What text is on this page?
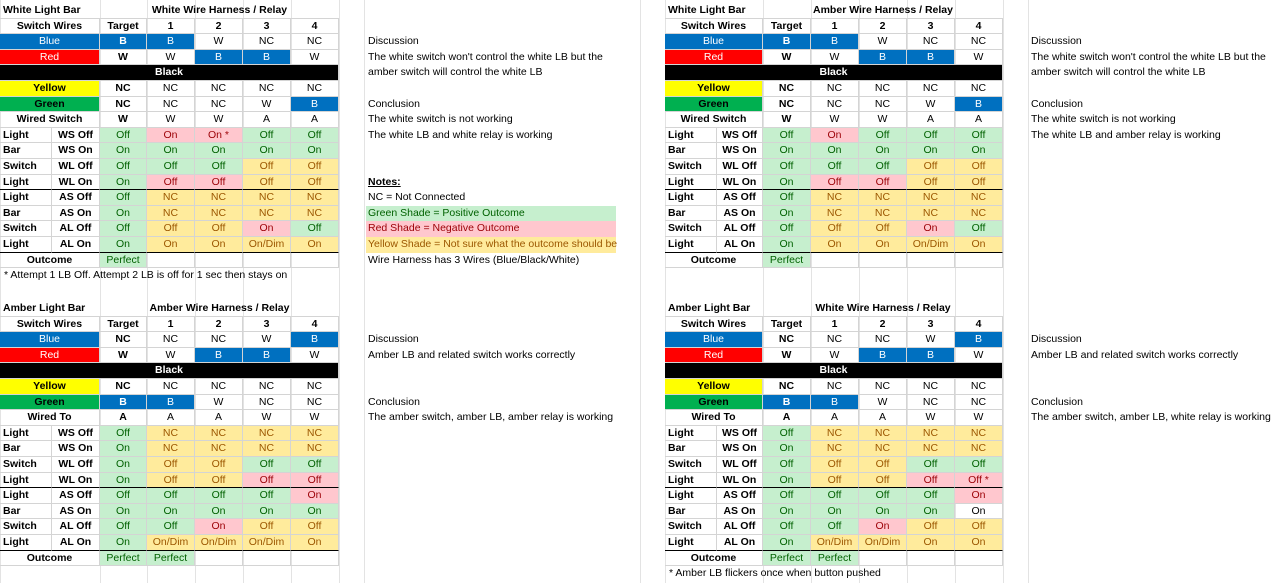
White Light Bar	White Wire Harness / Relay
Switch Wires	Target	1	2	3	4
Blue	B	B	W	NC	NC
Red	W	W	B	B	W
Black
Yellow	NC	NC	NC	NC	NC
Green	NC	NC	NC	W	B
Wired Switch	W	W	W	A	A
Light	WS Off	Off	On	On *	Off	Off
Bar	WS On	On	On	On	On	On
Switch	WL Off	Off	Off	Off	Off	Off
Light	WL On	On	Off	Off	Off	Off
Light	AS Off	Off	NC	NC	NC	NC
Bar	AS On	On	NC	NC	NC	NC
Switch	AL Off	Off	Off	Off	On	Off
Light	AL On	On	On	On	On/Dim	On
Outcome	Perfect
* Attempt 1 LB Off. Attempt 2 LB is off for 1 sec then stays on
Discussion
The white switch won't control the white LB but the
amber switch will control the white LB
Conclusion
The white switch is not working
The white LB and white relay is working
Notes:
NC = Not Connected
Green Shade = Positive Outcome
Red Shade = Negative Outcome
Yellow Shade = Not sure what the outcome should be
Wire Harness has 3 Wires (Blue/Black/White)
White Light Bar	Amber Wire Harness / Relay
Switch Wires	Target	1	2	3	4
Blue	B	B	W	NC	NC
Red	W	W	B	B	W
Black
Yellow	NC	NC	NC	NC	NC
Green	NC	NC	NC	W	B
Wired Switch	W	W	W	A	A
Light	WS Off	Off	On	Off	Off	Off
Bar	WS On	On	On	On	On	On
Switch	WL Off	Off	Off	Off	Off	Off
Light	WL On	On	Off	Off	Off	Off
Light	AS Off	Off	NC	NC	NC	NC
Bar	AS On	On	NC	NC	NC	NC
Switch	AL Off	Off	Off	Off	On	Off
Light	AL On	On	On	On	On/Dim	On
Outcome	Perfect
Discussion
The white switch won't control the white LB but the
amber switch will control the white LB
Conclusion
The white switch is not working
The white LB and amber relay is working
Amber Light Bar	Amber Wire Harness / Relay
Switch Wires	Target	1	2	3	4
Blue	NC	NC	NC	W	B
Red	W	W	B	B	W
Black
Yellow	NC	NC	NC	NC	NC
Green	B	B	W	NC	NC
Wired To	A	A	A	W	W
Light	WS Off	Off	NC	NC	NC	NC
Bar	WS On	On	NC	NC	NC	NC
Switch	WL Off	On	Off	Off	Off	Off
Light	WL On	On	Off	Off	Off	Off
Light	AS Off	Off	Off	Off	Off	On
Bar	AS On	On	On	On	On	On
Switch	AL Off	Off	Off	On	Off	Off
Light	AL On	On	On/Dim	On/Dim	On/Dim	On
Outcome	Perfect	Perfect
Discussion
Amber LB and related switch works correctly
Conclusion
The amber switch, amber LB, amber relay is working
Amber Light Bar	White Wire Harness / Relay
Switch Wires	Target	1	2	3	4
Blue	NC	NC	NC	W	B
Red	W	W	B	B	W
Black
Yellow	NC	NC	NC	NC	NC
Green	B	B	W	NC	NC
Wired To	A	A	A	W	W
Light	WS Off	Off	NC	NC	NC	NC
Bar	WS On	On	NC	NC	NC	NC
Switch	WL Off	Off	Off	Off	Off	Off
Light	WL On	On	Off	Off	Off	Off *
Light	AS Off	Off	Off	Off	Off	On
Bar	AS On	On	On	On	On	On
Switch	AL Off	Off	Off	On	Off	Off
Light	AL On	On	On/Dim	On/Dim	On	On
Outcome	Perfect	Perfect
* Amber LB flickers once when button pushed
Discussion
Amber LB and related switch works correctly
Conclusion
The amber switch, amber LB, white relay is working
